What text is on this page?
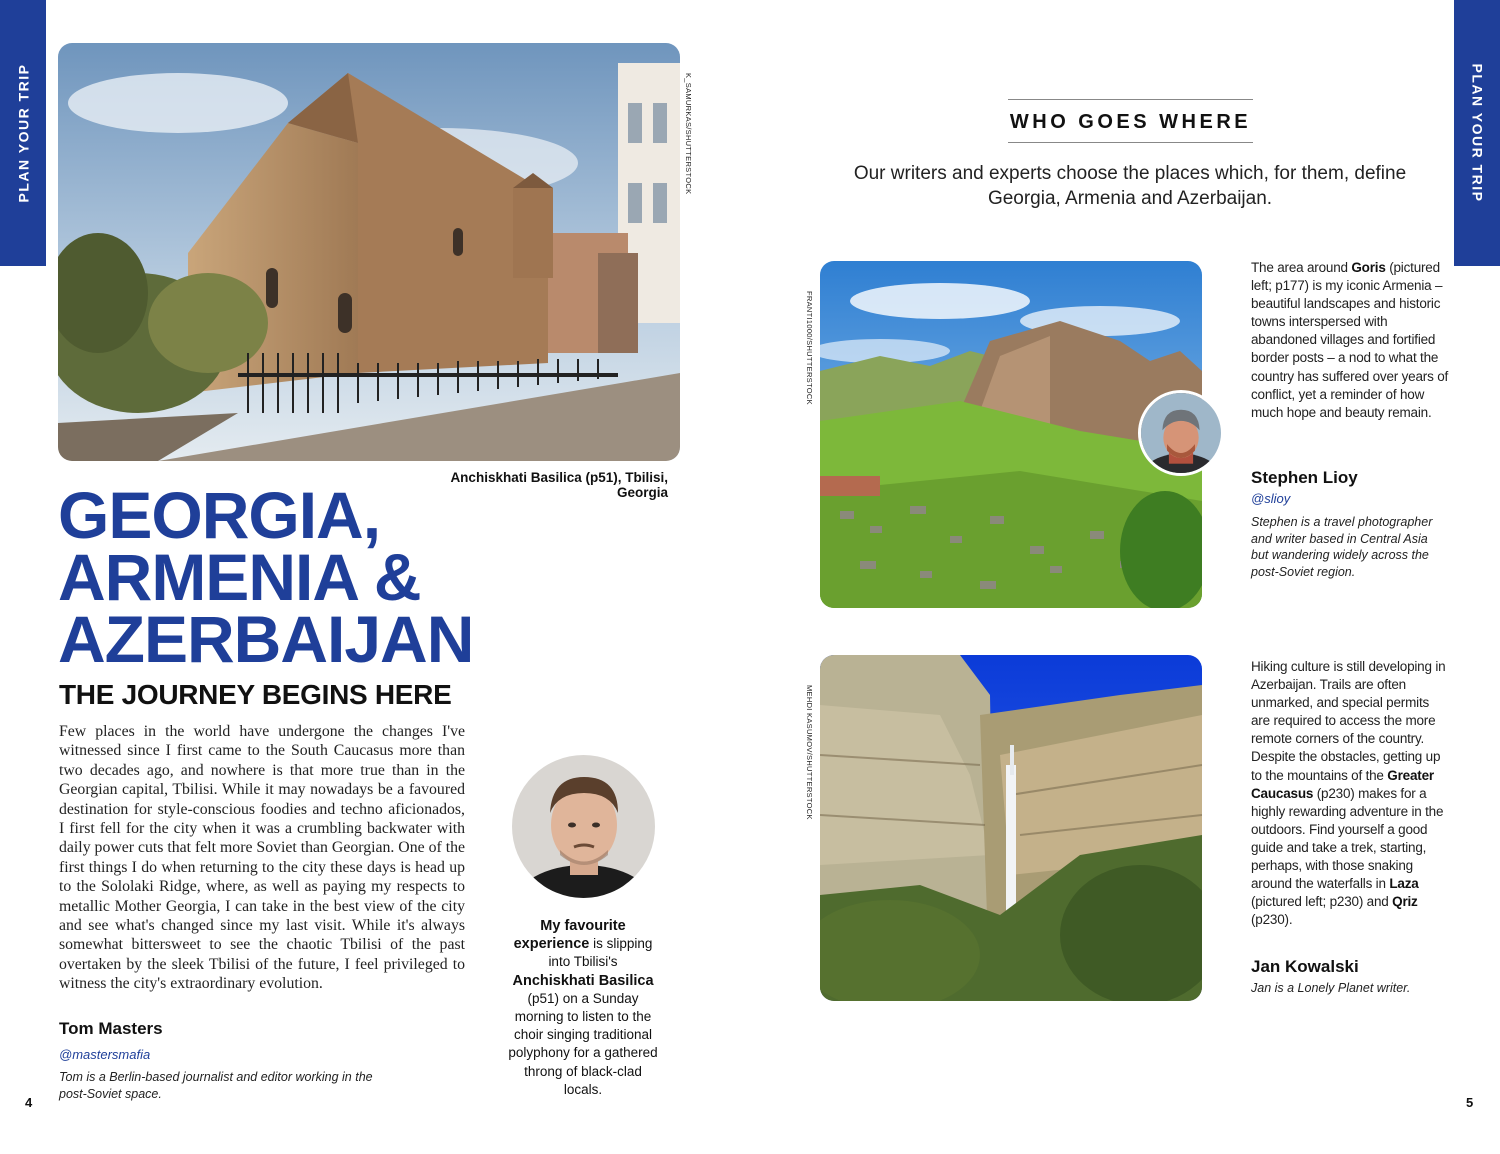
PLAN YOUR TRIP	PLAN YOUR TRIP
K_SAMURKAS/SHUTTERSTOCK
Anchiskhati Basilica (p51), Tbilisi, Georgia
GEORGIA,
ARMENIA &
AZERBAIJAN
THE JOURNEY BEGINS HERE
Few places in the world have undergone the changes I've witnessed since I first came to the South Caucasus more than two decades ago, and nowhere is that more true than in the Georgian capital, Tbilisi. While it may nowadays be a favoured destination for style-conscious foodies and techno aficionados, I first fell for the city when it was a crumbling backwater with daily power cuts that felt more Soviet than Georgian. One of the first things I do when returning to the city these days is head up to the Sololaki Ridge, where, as well as paying my respects to metallic Mother Georgia, I can take in the best view of the city and see what's changed since my last visit. While it's always somewhat bittersweet to see the chaotic Tbilisi of the past overtaken by the sleek Tbilisi of the future, I feel privileged to witness the city's extraordinary evolution.
Tom Masters
@mastersmafia
Tom is a Berlin-based journalist and editor working in the post-Soviet space.
My favourite experience is slipping into Tbilisi's Anchiskhati Basilica (p51) on a Sunday morning to listen to the choir singing traditional polyphony for a gathered throng of black-clad locals.
4	5
WHO GOES WHERE
Our writers and experts choose the places which, for them, define Georgia, Armenia and Azerbaijan.
FRANTI1000/SHUTTERSTOCK
The area around Goris (pictured left; p177) is my iconic Armenia – beautiful landscapes and historic towns interspersed with abandoned villages and fortified border posts – a nod to what the country has suffered over years of conflict, yet a reminder of how much hope and beauty remain.
Stephen Lioy
@slioy
Stephen is a travel photographer and writer based in Central Asia but wandering widely across the post-Soviet region.
MEHDI KASUMOV/SHUTTERSTOCK
Hiking culture is still developing in Azerbaijan. Trails are often unmarked, and special permits are required to access the more remote corners of the country. Despite the obstacles, getting up to the mountains of the Greater Caucasus (p230) makes for a highly rewarding adventure in the outdoors. Find yourself a good guide and take a trek, starting, perhaps, with those snaking around the waterfalls in Laza (pictured left; p230) and Qriz (p230).
Jan Kowalski
Jan is a Lonely Planet writer.
